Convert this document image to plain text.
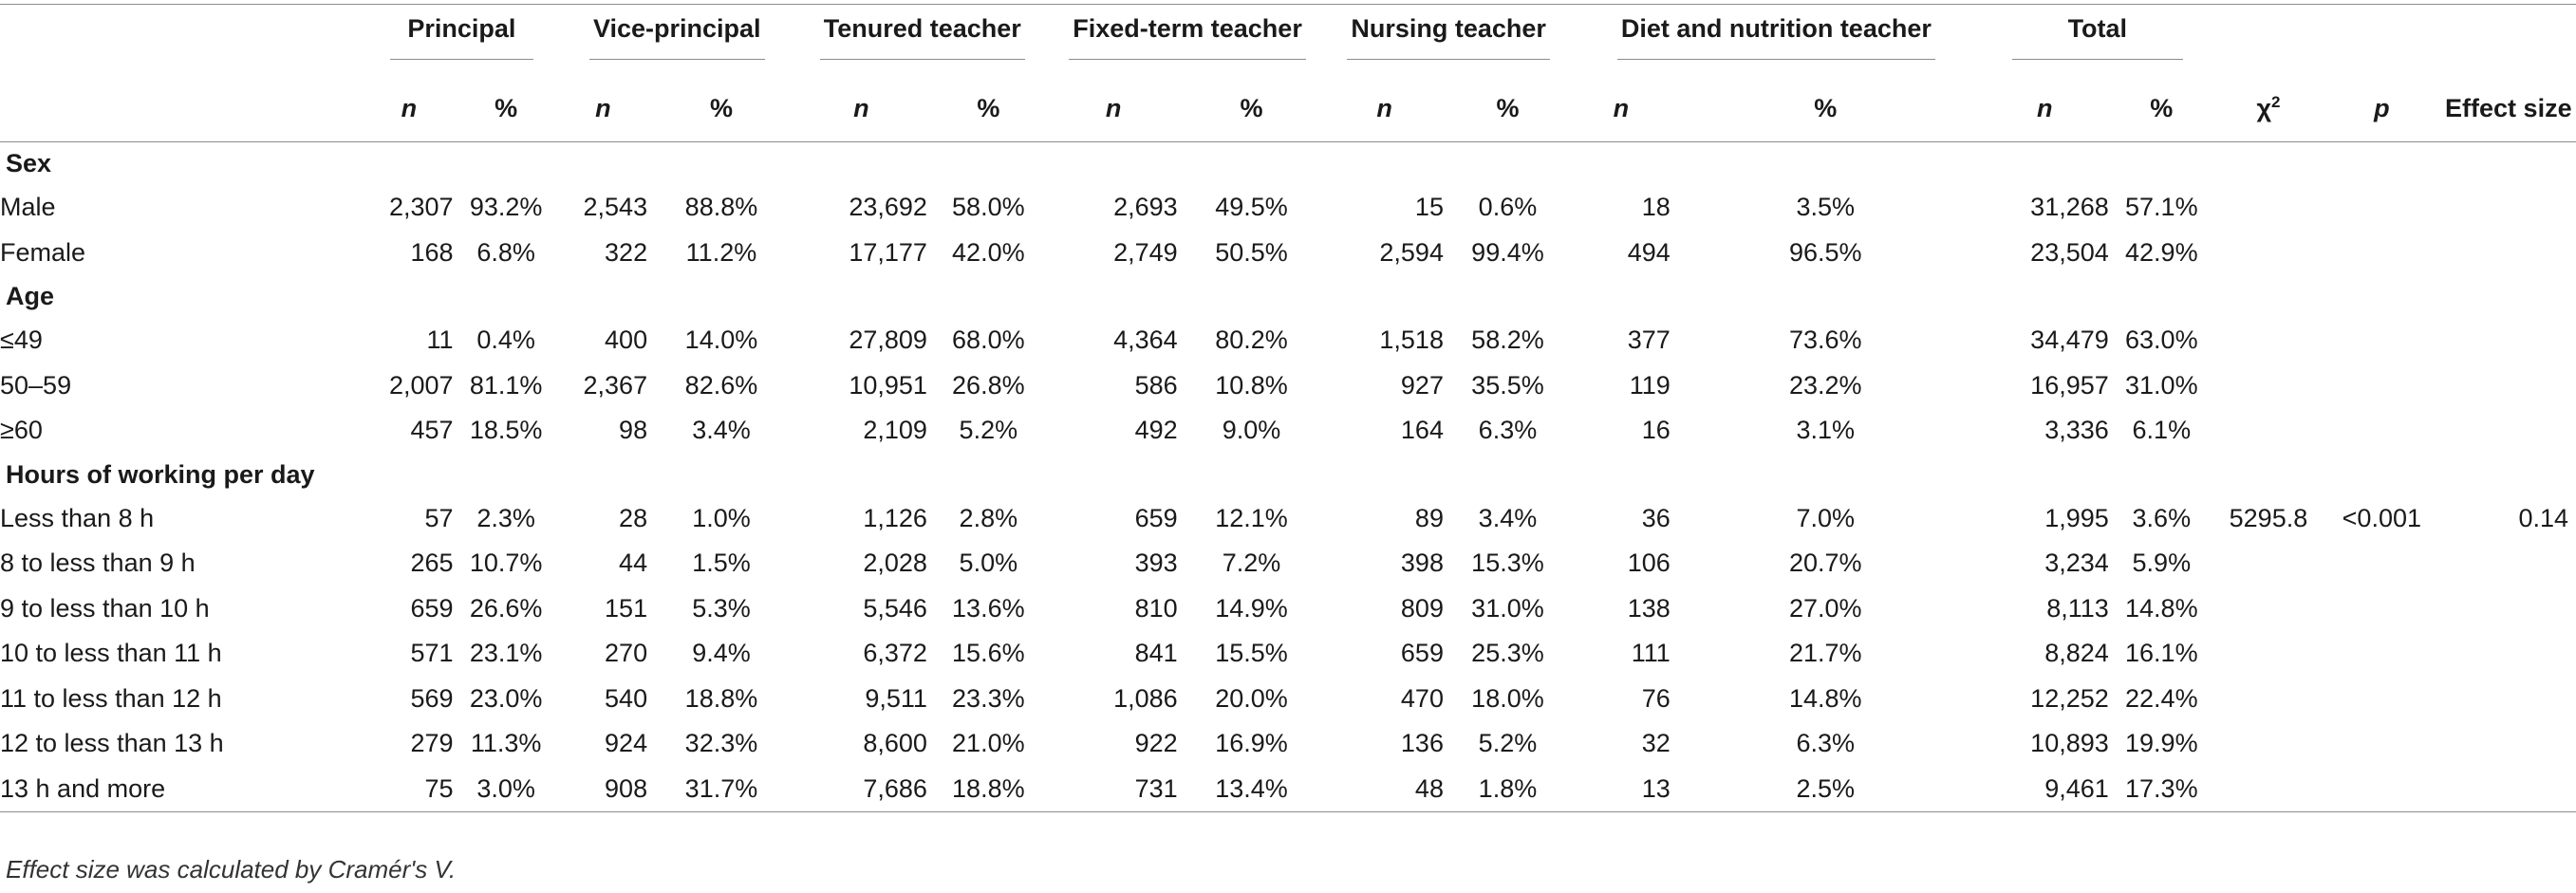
	Principal		Vice-principal		Tenured teacher		Fixed-term teacher		Nursing teacher		Diet and nutrition teacher		Total				
	n	%	n	%	n	%	n	%	n	%	n	%	n	%	$\chi^2$	p	Effect size
Sex																	
Male	2,307	93.2%	2,543	88.8%	23,692	58.0%	2,693	49.5%	15	0.6%	18	3.5%	31,268	57.1%			
Female	168	6.8%	322	11.2%	17,177	42.0%	2,749	50.5%	2,594	99.4%	494	96.5%	23,504	42.9%			
Age																	
≤49	11	0.4%	400	14.0%	27,809	68.0%	4,364	80.2%	1,518	58.2%	377	73.6%	34,479	63.0%			
50–59	2,007	81.1%	2,367	82.6%	10,951	26.8%	586	10.8%	927	35.5%	119	23.2%	16,957	31.0%			
≥60	457	18.5%	98	3.4%	2,109	5.2%	492	9.0%	164	6.3%	16	3.1%	3,336	6.1%			
Hours of working per day																	
Less than 8 h	57	2.3%	28	1.0%	1,126	2.8%	659	12.1%	89	3.4%	36	7.0%	1,995	3.6%	5295.8	<0.001	0.14
8 to less than 9 h	265	10.7%	44	1.5%	2,028	5.0%	393	7.2%	398	15.3%	106	20.7%	3,234	5.9%			
9 to less than 10 h	659	26.6%	151	5.3%	5,546	13.6%	810	14.9%	809	31.0%	138	27.0%	8,113	14.8%			
10 to less than 11 h	571	23.1%	270	9.4%	6,372	15.6%	841	15.5%	659	25.3%	111	21.7%	8,824	16.1%			
11 to less than 12 h	569	23.0%	540	18.8%	9,511	23.3%	1,086	20.0%	470	18.0%	76	14.8%	12,252	22.4%			
12 to less than 13 h	279	11.3%	924	32.3%	8,600	21.0%	922	16.9%	136	5.2%	32	6.3%	10,893	19.9%			
13 h and more	75	3.0%	908	31.7%	7,686	18.8%	731	13.4%	48	1.8%	13	2.5%	9,461	17.3%			
Effect size was calculated by Cramér's V.
